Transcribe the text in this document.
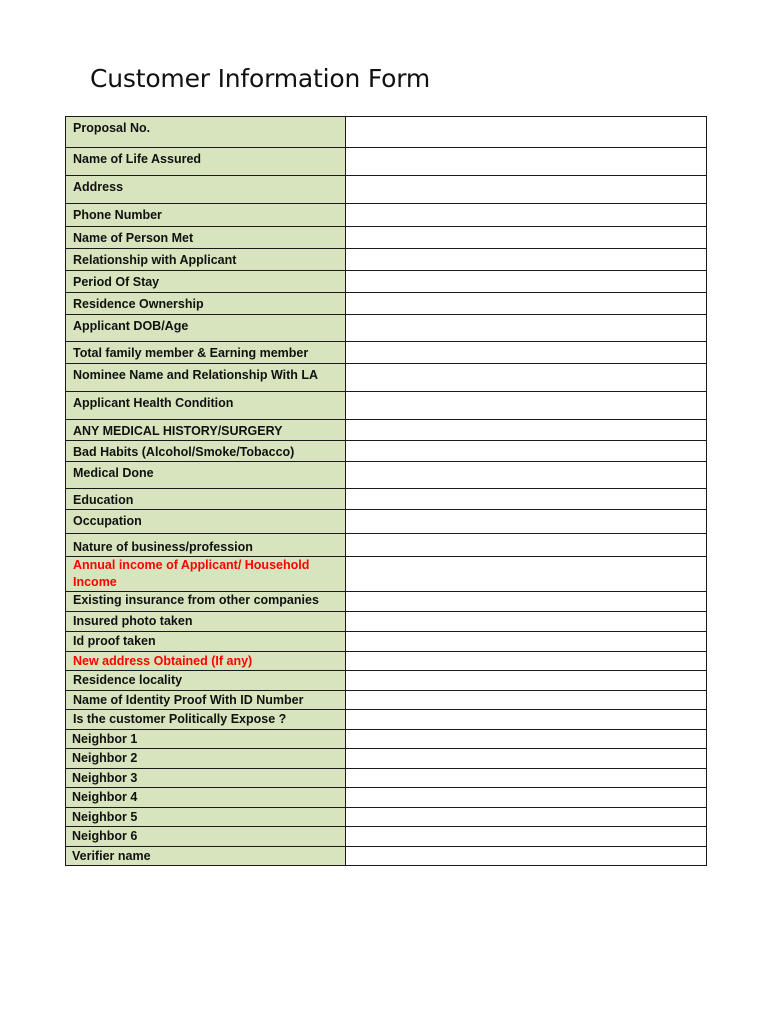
Customer Information Form
Proposal No.	

Name of Life Assured	

Address	

Phone Number	

Name of Person Met	

Relationship with Applicant	

Period Of Stay	

Residence Ownership	

Applicant DOB/Age	

Total family member & Earning member	

Nominee Name and Relationship With LA	

Applicant Health Condition	

ANY MEDICAL HISTORY/SURGERY	

Bad Habits (Alcohol/Smoke/Tobacco)	

Medical Done	

Education	

Occupation	

Nature of business/profession	

Annual income of Applicant/ Household Income	

Existing insurance from other companies	

Insured photo taken	

Id proof taken	

New address Obtained (If any)	

Residence locality	

Name of Identity Proof With ID Number	

Is the customer Politically Expose ?	

Neighbor 1	

Neighbor 2	

Neighbor 3	

Neighbor 4	

Neighbor 5	

Neighbor 6	

Verifier name	
